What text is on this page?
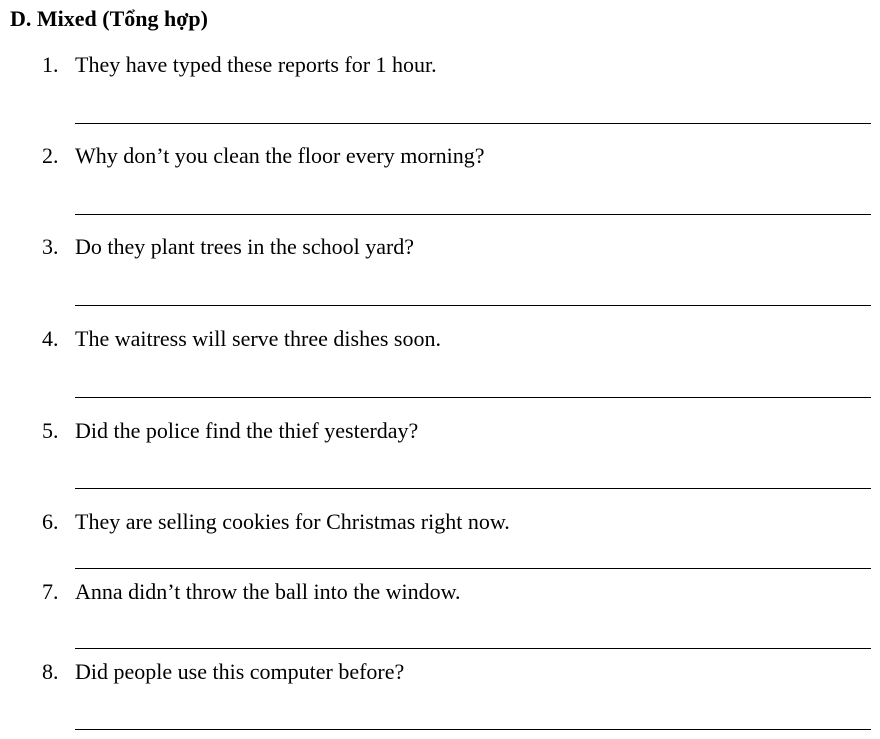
D. Mixed (Tổng hợp)
1. They have typed these reports for 1 hour.
2. Why don’t you clean the floor every morning?
3. Do they plant trees in the school yard?
4. The waitress will serve three dishes soon.
5. Did the police find the thief yesterday?
6. They are selling cookies for Christmas right now.
7. Anna didn’t throw the ball into the window.
8. Did people use this computer before?
